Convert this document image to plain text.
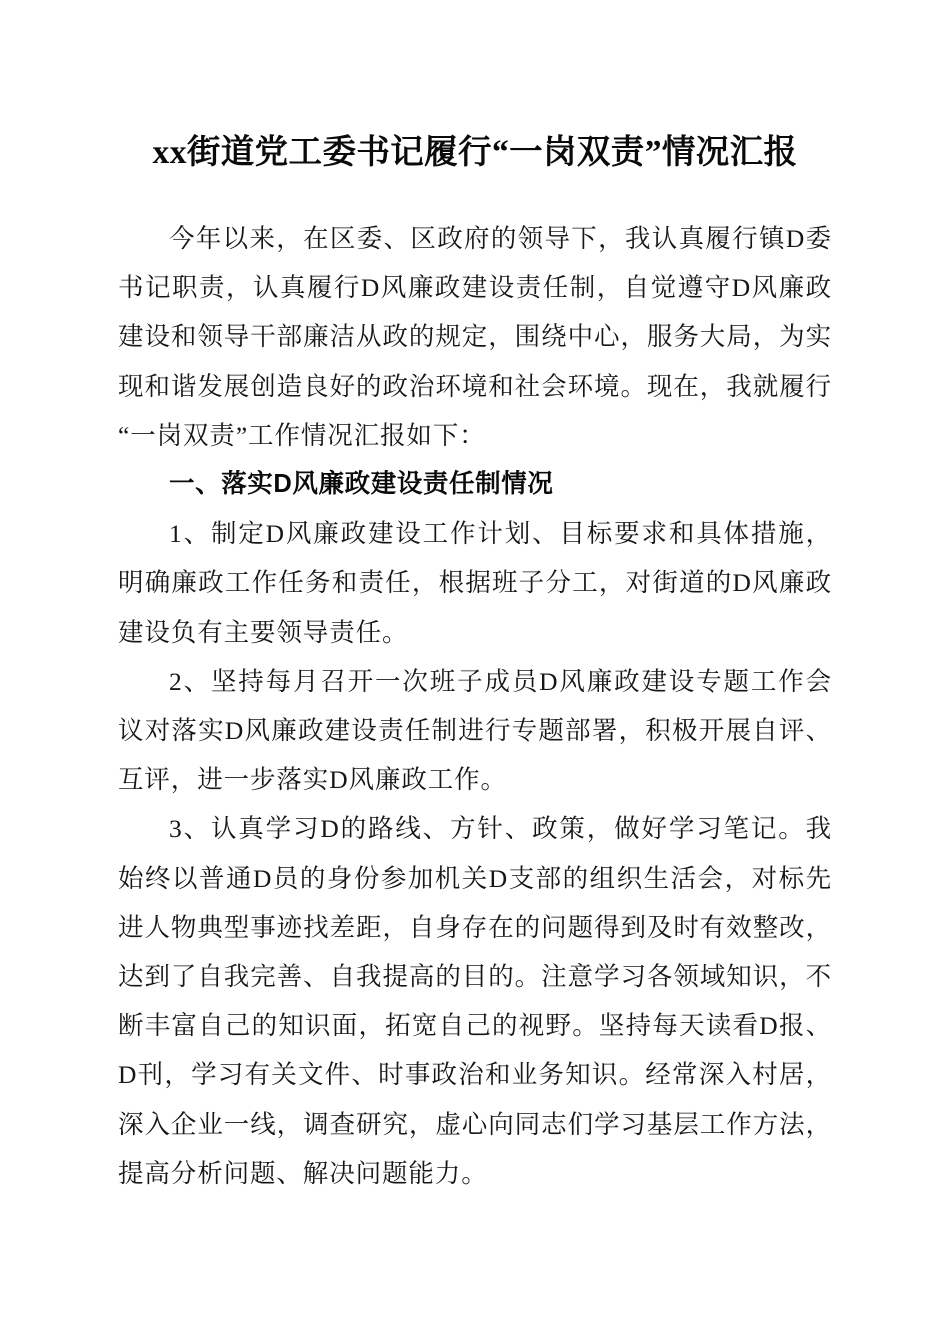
xx街道党工委书记履行“一岗双责”情况汇报

今年以来，在区委、区政府的领导下，我认真履行镇D委书记职责，认真履行D风廉政建设责任制，自觉遵守D风廉政建设和领导干部廉洁从政的规定，围绕中心，服务大局，为实现和谐发展创造良好的政治环境和社会环境。现在，我就履行“一岗双责”工作情况汇报如下：

一、落实D风廉政建设责任制情况

1、制定D风廉政建设工作计划、目标要求和具体措施，明确廉政工作任务和责任，根据班子分工，对街道的D风廉政建设负有主要领导责任。

2、坚持每月召开一次班子成员D风廉政建设专题工作会议对落实D风廉政建设责任制进行专题部署，积极开展自评、互评，进一步落实D风廉政工作。

3、认真学习D的路线、方针、政策，做好学习笔记。我始终以普通D员的身份参加机关D支部的组织生活会，对标先进人物典型事迹找差距，自身存在的问题得到及时有效整改，达到了自我完善、自我提高的目的。注意学习各领域知识，不断丰富自己的知识面，拓宽自己的视野。坚持每天读看D报、D刊，学习有关文件、时事政治和业务知识。经常深入村居，深入企业一线，调查研究，虚心向同志们学习基层工作方法，提高分析问题、解决问题能力。
